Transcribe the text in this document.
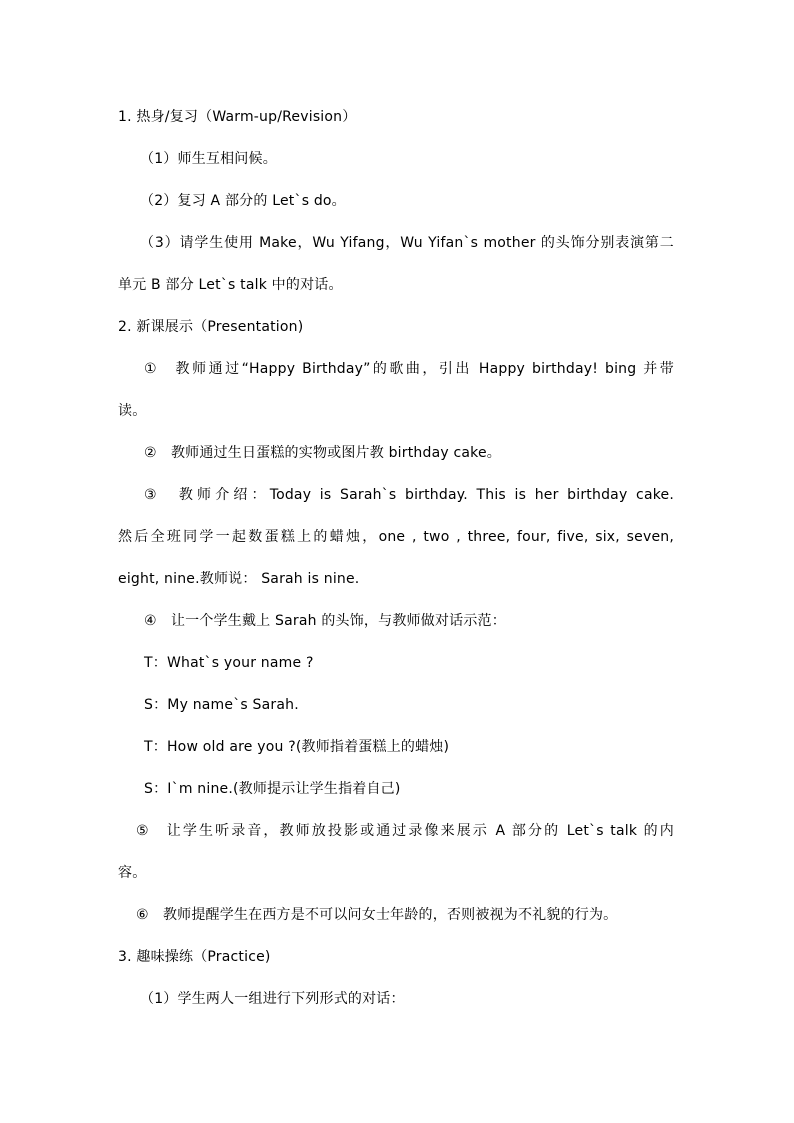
1. 热身/复习（Warm-up/Revision）
（1）师生互相问候。
（2）复习 A 部分的 Let`s do。
（3）请学生使用 Make，Wu Yifang，Wu Yifan`s mother 的头饰分别表演第二
单元 B 部分 Let`s talk 中的对话。
2. 新课展示（Presentation)
①　教师通过“Happy Birthday”的歌曲，引出 Happy birthday! bing 并带
读。
②　教师通过生日蛋糕的实物或图片教 birthday cake。
③　教师介绍：Today is Sarah`s birthday. This is her birthday cake.
然后全班同学一起数蛋糕上的蜡烛，one , two , three, four, five, six, seven,
eight, nine.教师说： Sarah is nine.
④　让一个学生戴上 Sarah 的头饰，与教师做对话示范：
T：What`s your name ?
S：My name`s Sarah.
T：How old are you ?(教师指着蛋糕上的蜡烛)
S：I`m nine.(教师提示让学生指着自己)
⑤　让学生听录音，教师放投影或通过录像来展示 A 部分的 Let`s talk 的内
容。
⑥　教师提醒学生在西方是不可以问女士年龄的，否则被视为不礼貌的行为。
3. 趣味操练（Practice)
（1）学生两人一组进行下列形式的对话：
